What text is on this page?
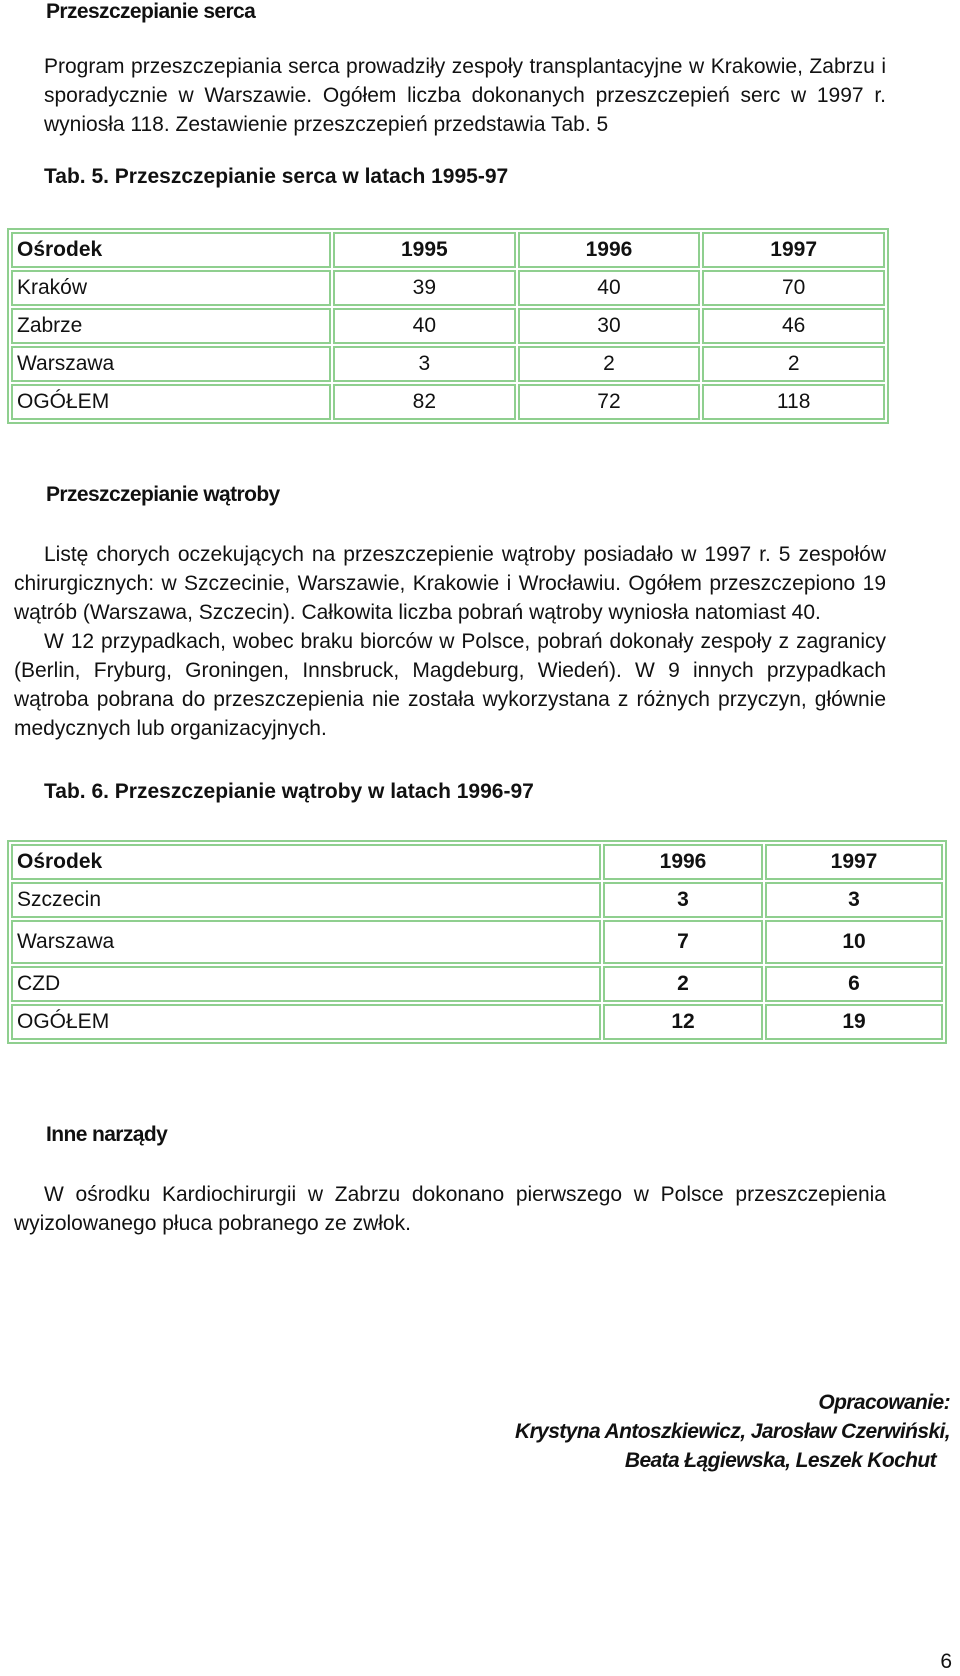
Przeszczepianie serca

Program przeszczepiania serca prowadziły zespoły transplantacyjne w Krakowie, Zabrzu i sporadycznie w Warszawie. Ogółem liczba dokonanych przeszczepień serc w 1997 r. wyniosła 118. Zestawienie przeszczepień przedstawia Tab. 5

Tab. 5. Przeszczepianie serca w latach 1995-97
Ośrodek	1995	1996	1997
Kraków	39	40	70
Zabrze	40	30	46
Warszawa	3	2	2
OGÓŁEM	82	72	118
Przeszczepianie wątroby

Listę chorych oczekujących na przeszczepienie wątroby posiadało w 1997 r. 5 zespołów chirurgicznych: w Szczecinie, Warszawie, Krakowie i Wrocławiu. Ogółem przeszczepiono 19 wątrób (Warszawa, Szczecin). Całkowita liczba pobrań wątroby wyniosła natomiast 40.

W 12 przypadkach, wobec braku biorców w Polsce, pobrań dokonały zespoły z zagranicy (Berlin, Fryburg, Groningen, Innsbruck, Magdeburg, Wiedeń). W 9 innych przypadkach wątroba pobrana do przeszczepienia nie została wykorzystana z różnych przyczyn, głównie medycznych lub organizacyjnych.

Tab. 6. Przeszczepianie wątroby w latach 1996-97
Ośrodek	1996	1997
Szczecin	3	3
Warszawa	7	10
CZD	2	6
OGÓŁEM	12	19
Inne narządy

W ośrodku Kardiochirurgii w Zabrzu dokonano pierwszego w Polsce przeszczepienia wyizolowanego płuca pobranego ze zwłok.

Opracowanie:
Krystyna Antoszkiewicz, Jarosław Czerwiński,
Beata Łągiewska, Leszek Kochut
6
